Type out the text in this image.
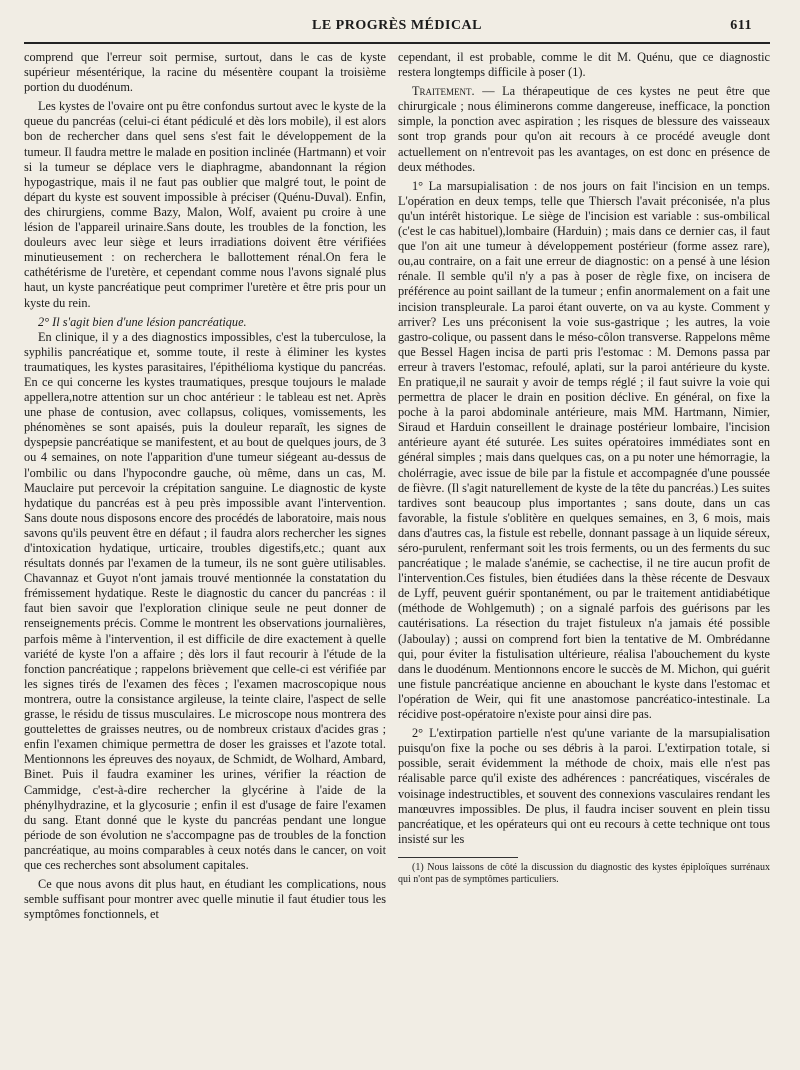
LE PROGRÈS MÉDICAL	611

comprend que l'erreur soit permise, surtout, dans le cas de kyste supérieur mésentérique, la racine du mésentère coupant la troisième portion du duodénum.

Les kystes de l'ovaire ont pu être confondus surtout avec le kyste de la queue du pancréas (celui-ci étant pédiculé et dès lors mobile), il est alors bon de rechercher dans quel sens s'est fait le développement de la tumeur. Il faudra mettre le malade en position inclinée (Hartmann) et voir si la tumeur se déplace vers le diaphragme, abandonnant la région hypogastrique, mais il ne faut pas oublier que malgré tout, le point de départ du kyste est souvent impossible à préciser (Quénu-Duval). Enfin, des chirurgiens, comme Bazy, Malon, Wolf, avaient pu croire à une lésion de l'appareil urinaire.Sans doute, les troubles de la fonction, les douleurs avec leur siège et leurs irradiations doivent être vérifiées minutieusement : on recherchera le ballottement rénal.On fera le cathétérisme de l'uretère, et cependant comme nous l'avons signalé plus haut, un kyste pancréatique peut comprimer l'uretère et être pris pour un kyste du rein.

2° Il s'agit bien d'une lésion pancréatique.

En clinique, il y a des diagnostics impossibles, c'est la tuberculose, la syphilis pancréatique et, somme toute, il reste à éliminer les kystes traumatiques, les kystes parasitaires, l'épithélioma kystique du pancréas. En ce qui concerne les kystes traumatiques, presque toujours le malade appellera,notre attention sur un choc antérieur : le tableau est net. Après une phase de contusion, avec collapsus, coliques, vomissements, les phénomènes se sont apaisés, puis la douleur reparaît, les signes de dyspepsie pancréatique se manifestent, et au bout de quelques jours, de 3 ou 4 semaines, on note l'apparition d'une tumeur siégeant au-dessus de l'ombilic ou dans l'hypocondre gauche, où même, dans un cas, M. Mauclaire put percevoir la crépitation sanguine. Le diagnostic de kyste hydatique du pancréas est à peu près impossible avant l'intervention. Sans doute nous disposons encore des procédés de laboratoire, mais nous savons qu'ils peuvent être en défaut ; il faudra alors rechercher les signes d'intoxication hydatique, urticaire, troubles digestifs,etc.; quant aux résultats donnés par l'examen de la tumeur, ils ne sont guère utilisables. Chavannaz et Guyot n'ont jamais trouvé mentionnée la constatation du frémissement hydatique. Reste le diagnostic du cancer du pancréas : il faut bien savoir que l'exploration clinique seule ne peut donner de renseignements précis. Comme le montrent les observations journalières, parfois même à l'intervention, il est difficile de dire exactement à quelle variété de kyste l'on a affaire ; dès lors il faut recourir à l'étude de la fonction pancréatique ; rappelons brièvement que celle-ci est vérifiée par les signes tirés de l'examen des fèces ; l'examen macroscopique nous montrera, outre la consistance argileuse, la teinte claire, l'aspect de selle grasse, le résidu de tissus musculaires. Le microscope nous montrera des gouttelettes de graisses neutres, ou de nombreux cristaux d'acides gras ; enfin l'examen chimique permettra de doser les graisses et l'azote total. Mentionnons les épreuves des noyaux, de Schmidt, de Wolhard, Ambard, Binet. Puis il faudra examiner les urines, vérifier la réaction de Cammidge, c'est-à-dire rechercher la glycérine à l'aide de la phénylhydrazine, et la glycosurie ; enfin il est d'usage de faire l'examen du sang. Etant donné que le kyste du pancréas pendant une longue période de son évolution ne s'accompagne pas de troubles de la fonction pancréatique, au moins comparables à ceux notés dans le cancer, on voit que ces recherches sont absolument capitales.

Ce que nous avons dit plus haut, en étudiant les complications, nous semble suffisant pour montrer avec quelle minutie il faut étudier tous les symptômes fonctionnels, et

cependant, il est probable, comme le dit M. Quénu, que ce diagnostic restera longtemps difficile à poser (1).

Traitement. — La thérapeutique de ces kystes ne peut être que chirurgicale ; nous éliminerons comme dangereuse, inefficace, la ponction simple, la ponction avec aspiration ; les risques de blessure des vaisseaux sont trop grands pour qu'on ait recours à ce procédé aveugle dont actuellement on n'entrevoit pas les avantages, on est donc en présence de deux méthodes.

1° La marsupialisation : de nos jours on fait l'incision en un temps. L'opération en deux temps, telle que Thiersch l'avait préconisée, n'a plus qu'un intérêt historique. Le siège de l'incision est variable : sus-ombilical (c'est le cas habituel),lombaire (Harduin) ; mais dans ce dernier cas, il faut que l'on ait une tumeur à développement postérieur (forme assez rare), ou,au contraire, on a fait une erreur de diagnostic: on a pensé à une lésion rénale. Il semble qu'il n'y a pas à poser de règle fixe, on incisera de préférence au point saillant de la tumeur ; enfin anormalement on a fait une incision transpleurale. La paroi étant ouverte, on va au kyste. Comment y arriver? Les uns préconisent la voie sus-gastrique ; les autres, la voie gastro-colique, ou passent dans le méso-côlon transverse. Rappelons même que Bessel Hagen incisa de parti pris l'estomac : M. Demons passa par erreur à travers l'estomac, refoulé, aplati, sur la paroi antérieure du kyste. En pratique,il ne saurait y avoir de temps réglé ; il faut suivre la voie qui permettra de placer le drain en position déclive. En général, on fixe la poche à la paroi abdominale antérieure, mais MM. Hartmann, Nimier, Siraud et Harduin conseillent le drainage postérieur lombaire, l'incision antérieure ayant été suturée. Les suites opératoires immédiates sont en général simples ; mais dans quelques cas, on a pu noter une hémorragie, la cholérragie, avec issue de bile par la fistule et accompagnée d'une poussée de fièvre. (Il s'agit naturellement de kyste de la tête du pancréas.) Les suites tardives sont beaucoup plus importantes ; sans doute, dans un cas favorable, la fistule s'oblitère en quelques semaines, en 3, 6 mois, mais dans d'autres cas, la fistule est rebelle, donnant passage à un liquide séreux, séro-purulent, renfermant soit les trois ferments, ou un des ferments du suc pancréatique ; le malade s'anémie, se cachectise, il ne tire aucun profit de l'intervention.Ces fistules, bien étudiées dans la thèse récente de Desvaux de Lyff, peuvent guérir spontanément, ou par le traitement antidiabétique (méthode de Wohlgemuth) ; on a signalé parfois des guérisons par les cautérisations. La résection du trajet fistuleux n'a jamais été possible (Jaboulay) ; aussi on comprend fort bien la tentative de M. Ombrédanne qui, pour éviter la fistulisation ultérieure, réalisa l'abouchement du kyste dans le duodénum. Mentionnons encore le succès de M. Michon, qui guérit une fistule pancréatique ancienne en abouchant le kyste dans l'estomac et l'opération de Weir, qui fit une anastomose pancréatico-intestinale. La récidive post-opératoire n'existe pour ainsi dire pas.

2° L'extirpation partielle n'est qu'une variante de la marsupialisation puisqu'on fixe la poche ou ses débris à la paroi. L'extirpation totale, si possible, serait évidemment la méthode de choix, mais elle n'est pas réalisable parce qu'il existe des adhérences : pancréatiques, viscérales de voisinage indestructibles, et souvent des connexions vasculaires rendant les manœuvres impossibles. De plus, il faudra inciser souvent en plein tissu pancréatique, et les opérateurs qui ont eu recours à cette technique ont tous insisté sur les

(1) Nous laissons de côté la discussion du diagnostic des kystes épiploïques surrénaux qui n'ont pas de symptômes particuliers.
